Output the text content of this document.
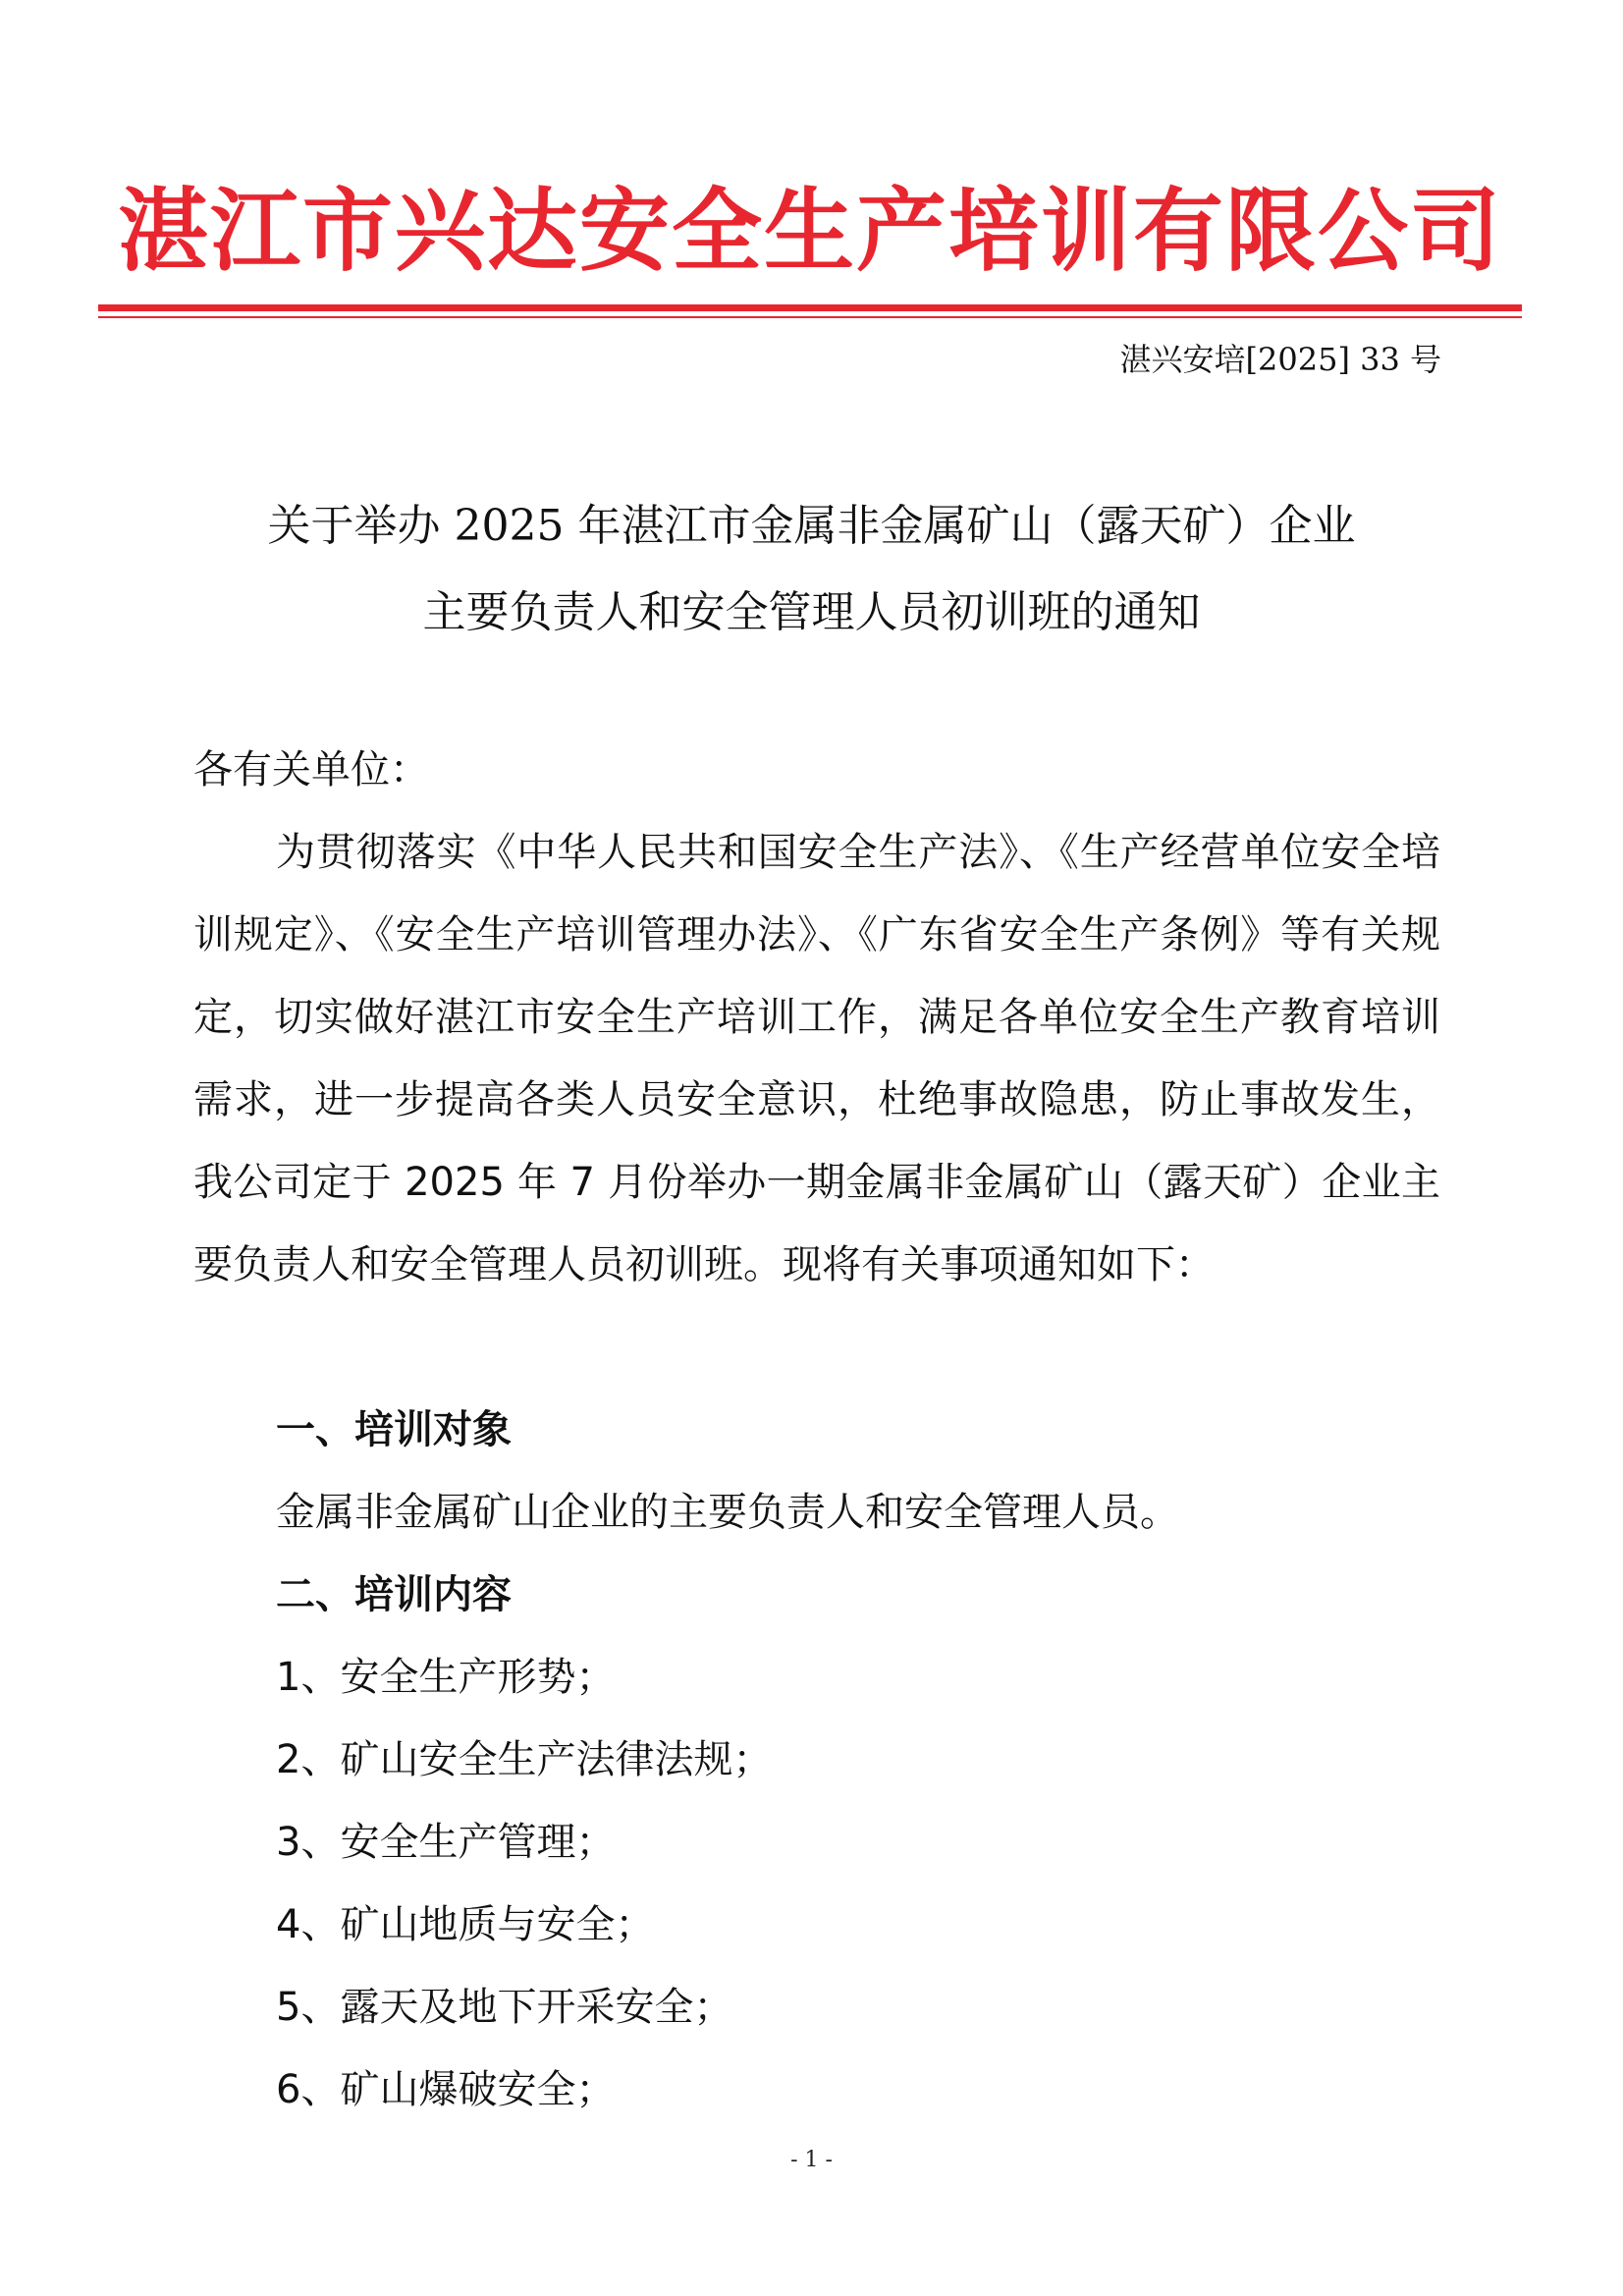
湛江市兴达安全生产培训有限公司
湛兴安培[2025] 33 号
关于举办 2025 年湛江市金属非金属矿山（露天矿）企业
主要负责人和安全管理人员初训班的通知
各有关单位：
为贯彻落实《中华人民共和国安全生产法》、《生产经营单位安全培训规定》、《安全生产培训管理办法》、《广东省安全生产条例》等有关规定，切实做好湛江市安全生产培训工作，满足各单位安全生产教育培训需求，进一步提高各类人员安全意识，杜绝事故隐患，防止事故发生，我公司定于 2025 年 7 月份举办一期金属非金属矿山（露天矿）企业主要负责人和安全管理人员初训班。现将有关事项通知如下：
一、培训对象
金属非金属矿山企业的主要负责人和安全管理人员。
二、培训内容
1、安全生产形势；
2、矿山安全生产法律法规；
3、安全生产管理；
4、矿山地质与安全；
5、露天及地下开采安全；
6、矿山爆破安全；
- 1 -
